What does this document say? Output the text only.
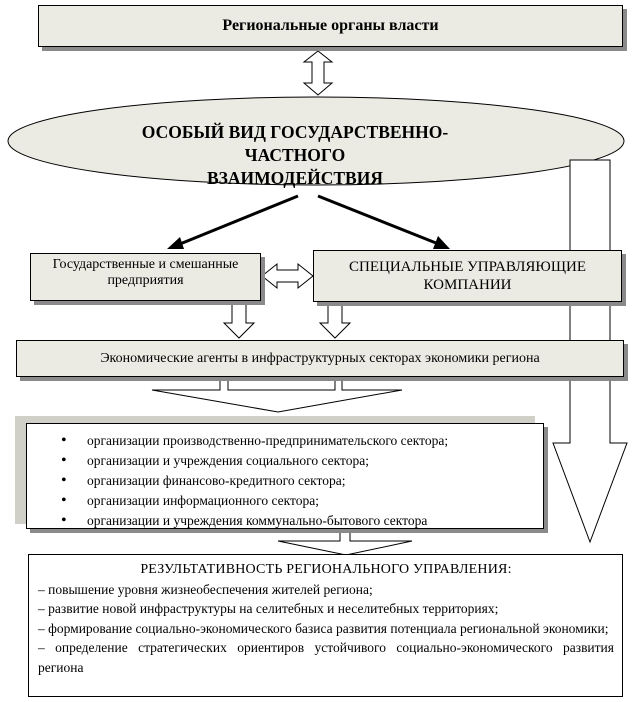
Региональные органы власти
ОСОБЫЙ ВИД ГОСУДАРСТВЕННО-ЧАСТНОГО
ВЗАИМОДЕЙСТВИЯ
Государственные и смешанные
предприятия
СПЕЦИАЛЬНЫЕ УПРАВЛЯЮЩИЕ
КОМПАНИИ
Экономические агенты в инфраструктурных секторах экономики региона
• организации производственно-предпринимательского сектора;
• организации и учреждения социального сектора;
• организации финансово-кредитного сектора;
• организации информационного сектора;
• организации и учреждения коммунально-бытового сектора
РЕЗУЛЬТАТИВНОСТЬ РЕГИОНАЛЬНОГО УПРАВЛЕНИЯ:
– повышение уровня жизнеобеспечения жителей региона;
– развитие новой инфраструктуры на селитебных и неселитебных территориях;
– формирование социально-экономического базиса развития потенциала региональной экономики;
– определение стратегических ориентиров устойчивого социально-экономического развития региона
